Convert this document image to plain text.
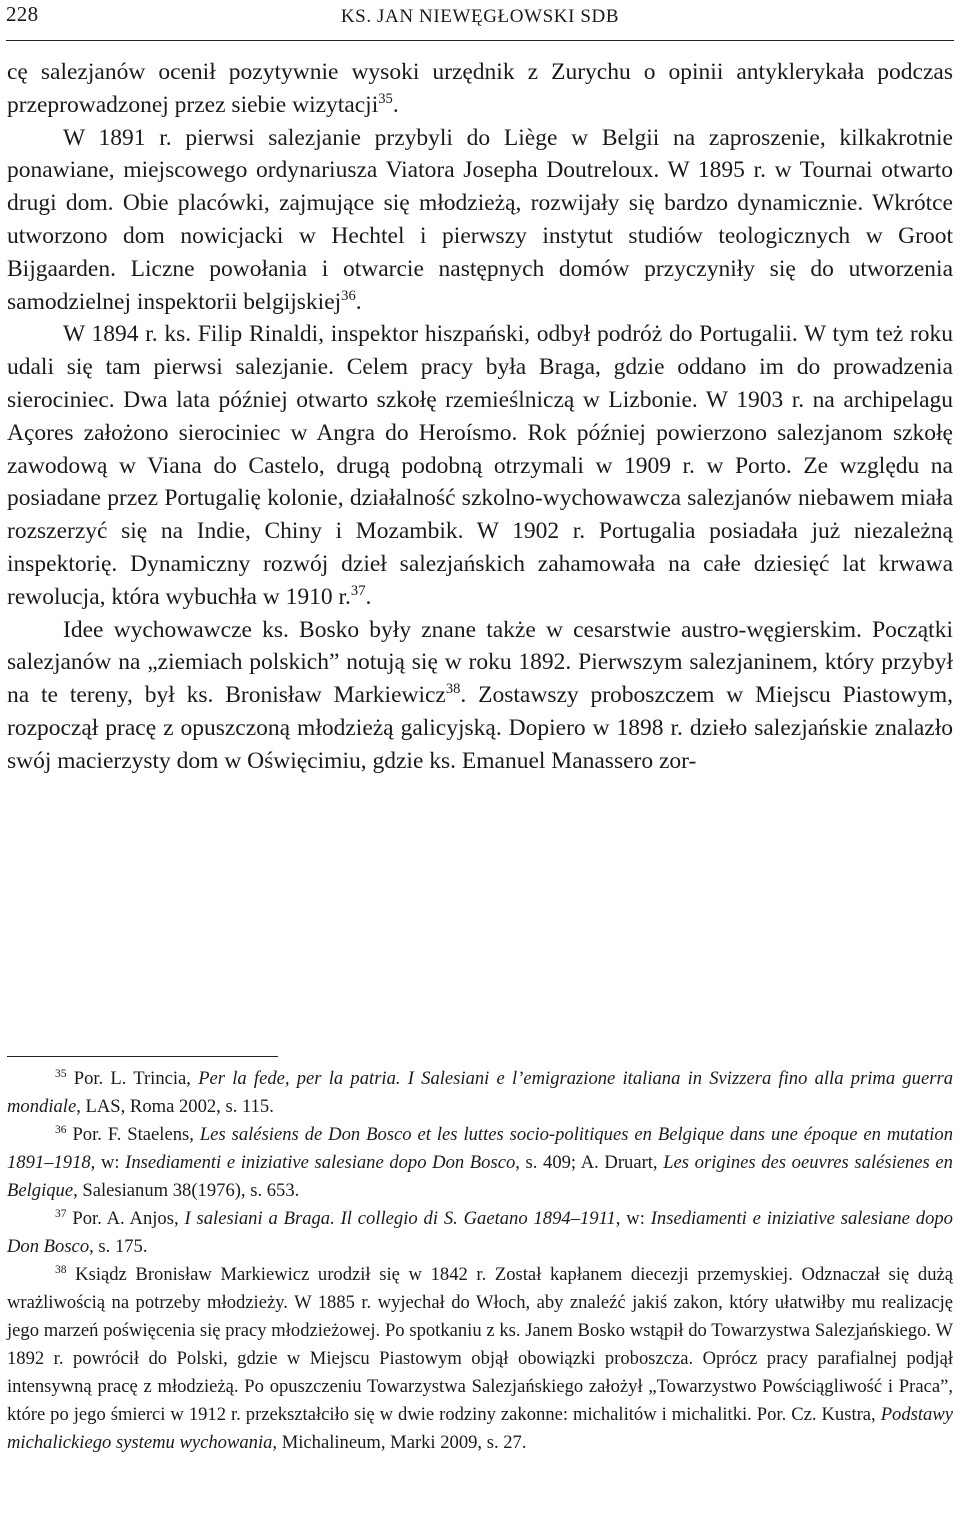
228	KS. JAN NIEWĘGŁOWSKI SDB

cę salezjanów ocenił pozytywnie wysoki urzędnik z Zurychu o opinii antyklerykała podczas przeprowadzonej przez siebie wizytacji$^{35}$.

W 1891 r. pierwsi salezjanie przybyli do Liège w Belgii na zaproszenie, kilkakrotnie ponawiane, miejscowego ordynariusza Viatora Josepha Doutreloux. W 1895 r. w Tournai otwarto drugi dom. Obie placówki, zajmujące się młodzieżą, rozwijały się bardzo dynamicznie. Wkrótce utworzono dom nowicjacki w Hechtel i pierwszy instytut studiów teologicznych w Groot Bijgaarden. Liczne powołania i otwarcie następnych domów przyczyniły się do utworzenia samodzielnej inspektorii belgijskiej$^{36}$.

W 1894 r. ks. Filip Rinaldi, inspektor hiszpański, odbył podróż do Portugalii. W tym też roku udali się tam pierwsi salezjanie. Celem pracy była Braga, gdzie oddano im do prowadzenia sierociniec. Dwa lata później otwarto szkołę rzemieślniczą w Lizbonie. W 1903 r. na archipelagu Açores założono sierociniec w Angra do Heroísmo. Rok później powierzono salezjanom szkołę zawodową w Viana do Castelo, drugą podobną otrzymali w 1909 r. w Porto. Ze względu na posiadane przez Portugalię kolonie, działalność szkolno-wychowawcza salezjanów niebawem miała rozszerzyć się na Indie, Chiny i Mozambik. W 1902 r. Portugalia posiadała już niezależną inspektorię. Dynamiczny rozwój dzieł salezjańskich zahamowała na całe dziesięć lat krwawa rewolucja, która wybuchła w 1910 r.$^{37}$.

Idee wychowawcze ks. Bosko były znane także w cesarstwie austro-węgierskim. Początki salezjanów na „ziemiach polskich” notują się w roku 1892. Pierwszym salezjaninem, który przybył na te tereny, był ks. Bronisław Markiewicz$^{38}$. Zostawszy proboszczem w Miejscu Piastowym, rozpoczął pracę z opuszczoną młodzieżą galicyjską. Dopiero w 1898 r. dzieło salezjańskie znalazło swój macierzysty dom w Oświęcimiu, gdzie ks. Emanuel Manassero zor-

$^{35}$ Por. L. Trincia, Per la fede, per la patria. I Salesiani e l’emigrazione italiana in Svizzera fino alla prima guerra mondiale, LAS, Roma 2002, s. 115.

$^{36}$ Por. F. Staelens, Les salésiens de Don Bosco et les luttes socio-politiques en Belgique dans une époque en mutation 1891–1918, w: Insediamenti e iniziative salesiane dopo Don Bosco, s. 409; A. Druart, Les origines des oeuvres salésienes en Belgique, Salesianum 38(1976), s. 653.

$^{37}$ Por. A. Anjos, I salesiani a Braga. Il collegio di S. Gaetano 1894–1911, w: Insediamenti e iniziative salesiane dopo Don Bosco, s. 175.

$^{38}$ Ksiądz Bronisław Markiewicz urodził się w 1842 r. Został kapłanem diecezji przemyskiej. Odznaczał się dużą wrażliwością na potrzeby młodzieży. W 1885 r. wyjechał do Włoch, aby znaleźć jakiś zakon, który ułatwiłby mu realizację jego marzeń poświęcenia się pracy młodzieżowej. Po spotkaniu z ks. Janem Bosko wstąpił do Towarzystwa Salezjańskiego. W 1892 r. powrócił do Polski, gdzie w Miejscu Piastowym objął obowiązki proboszcza. Oprócz pracy parafialnej podjął intensywną pracę z młodzieżą. Po opuszczeniu Towarzystwa Salezjańskiego założył „Towarzystwo Powściągliwość i Praca”, które po jego śmierci w 1912 r. przekształciło się w dwie rodziny zakonne: michalitów i michalitki. Por. Cz. Kustra, Podstawy michalickiego systemu wychowania, Michalineum, Marki 2009, s. 27.
